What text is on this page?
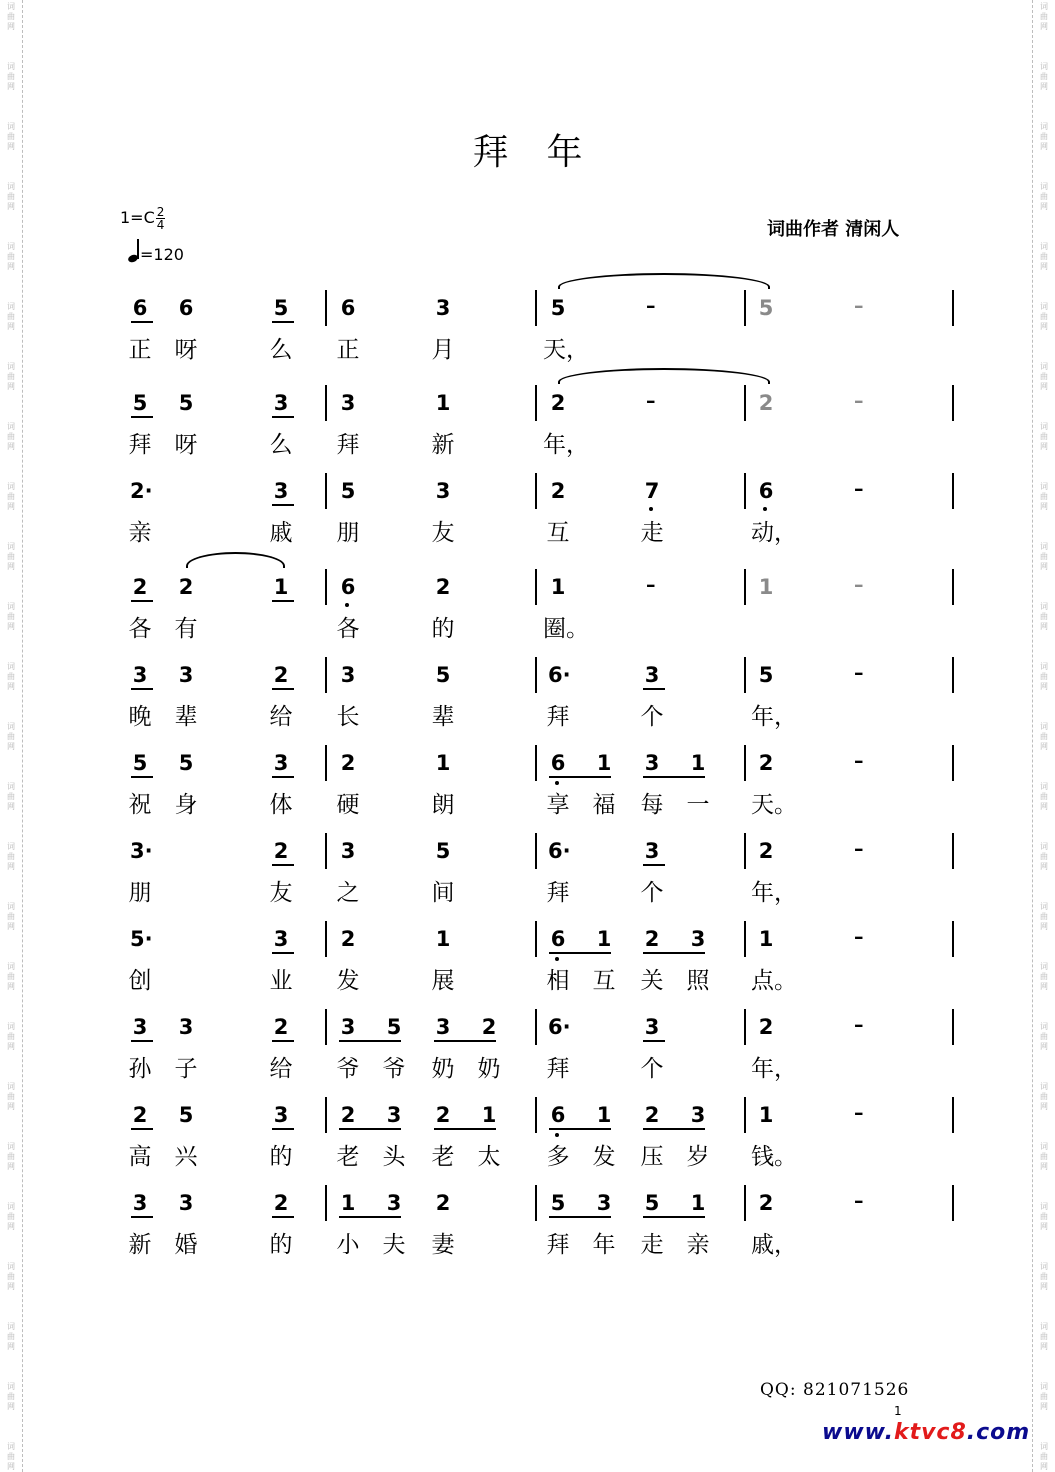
词
曲
网
词
曲
网
词
曲
网
词
曲
网
词
曲
网
词
曲
网
词
曲
网
词
曲
网
词
曲
网
词
曲
网
词
曲
网
词
曲
网
词
曲
网
词
曲
网
词
曲
网
词
曲
网
词
曲
网
词
曲
网
词
曲
网
词
曲
网
词
曲
网
词
曲
网
词
曲
网
词
曲
网
词
曲
网
词
曲
网
词
曲
网
词
曲
网
词
曲
网
词
曲
网
词
曲
网
词
曲
网
词
曲
网
词
曲
网
词
曲
网
词
曲
网
词
曲
网
词
曲
网
词
曲
网
词
曲
网
词
曲
网
词
曲
网
词
曲
网
词
曲
网
词
曲
网
词
曲
网
词
曲
网
词
曲
网
词
曲
网
词
曲
网
拜 年
$1=C \frac{2}{4}$
=120
词曲作者 清闲人
6 6	5 6	3	5	–	5	–
正 呀	么 正	月	天，
5 5	3 3	1	2	–	2	–
拜 呀	么 拜	新	年，
2·	3 5	3	2	7	6	–
亲	戚 朋	友	互	走	动，
2 2	1 6	2	1	–	1	–
各 有	各	的	圈。
3 3	2 3	5	6·	3	5	–
晚 辈	给 长	辈	拜	个	年，
5 5	3 2	1	6 1 3 1	2	–
祝 身	体 硬	朗	享 福 每 一 天。
3·	2 3	5	6·	3	2	–
朋	友 之	间	拜	个	年，
5·	3 2	1	6 1 2 3	1	–
创	业 发	展	相 互 关 照 点。
3 3	2 3 5 3 2 6·	3	2	–
孙 子	给 爷 爷 奶 奶 拜	个	年，
2 5	3 2 3 2 1	6 1 2 3	1	–
高 兴	的 老 头 老 太 多 发 压 岁 钱。
3 3	2 1 3 2	5 3 5 1	2	–
新 婚	的 小 夫 妻	拜 年 走 亲 戚，
QQ: 821071526
1
www.ktvc8.com
